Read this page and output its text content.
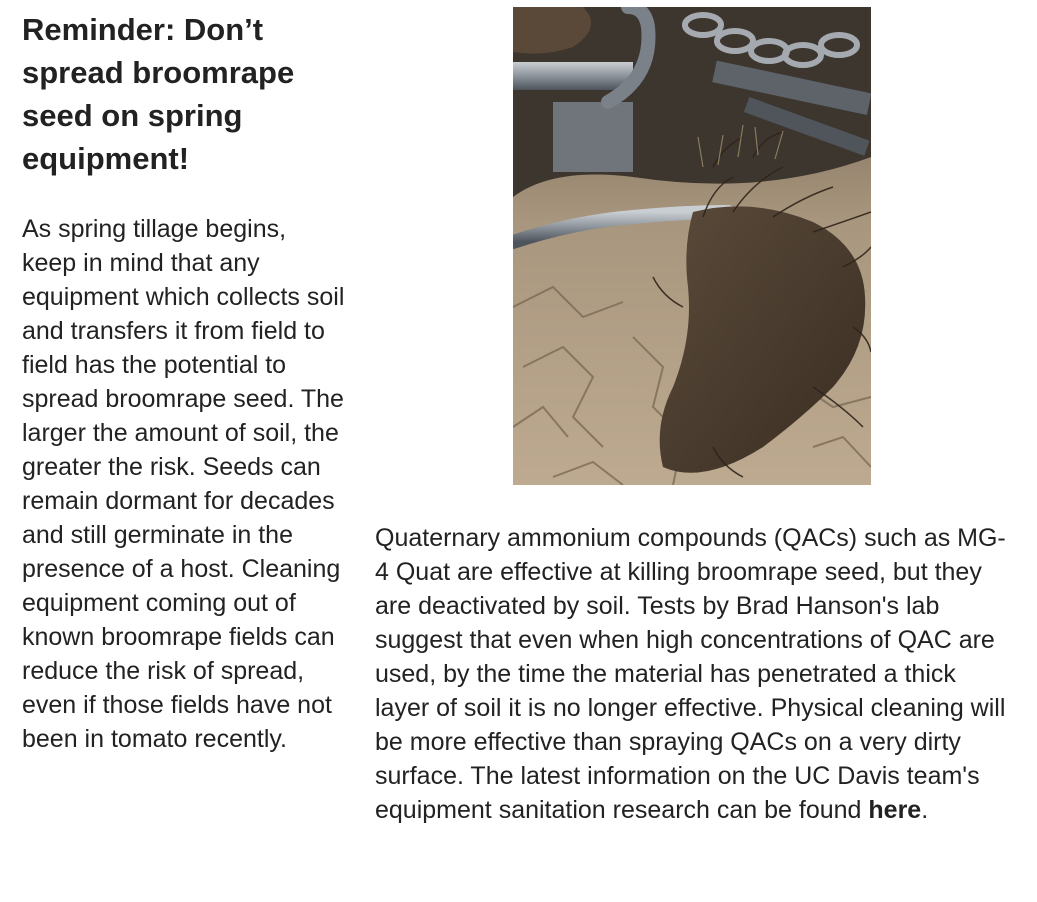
Reminder: Don’t spread broomrape seed on spring equipment!

As spring tillage begins, keep in mind that any equipment which collects soil and transfers it from field to field has the potential to spread broomrape seed. The larger the amount of soil, the greater the risk. Seeds can remain dormant for decades and still germinate in the presence of a host. Cleaning equipment coming out of known broomrape fields can reduce the risk of spread, even if those fields have not been in tomato recently.

Quaternary ammonium compounds (QACs) such as MG-4 Quat are effective at killing broomrape seed, but they are deactivated by soil. Tests by Brad Hanson's lab suggest that even when high concentrations of QAC are used, by the time the material has penetrated a thick layer of soil it is no longer effective. Physical cleaning will be more effective than spraying QACs on a very dirty surface. The latest information on the UC Davis team's equipment sanitation research can be found here.
